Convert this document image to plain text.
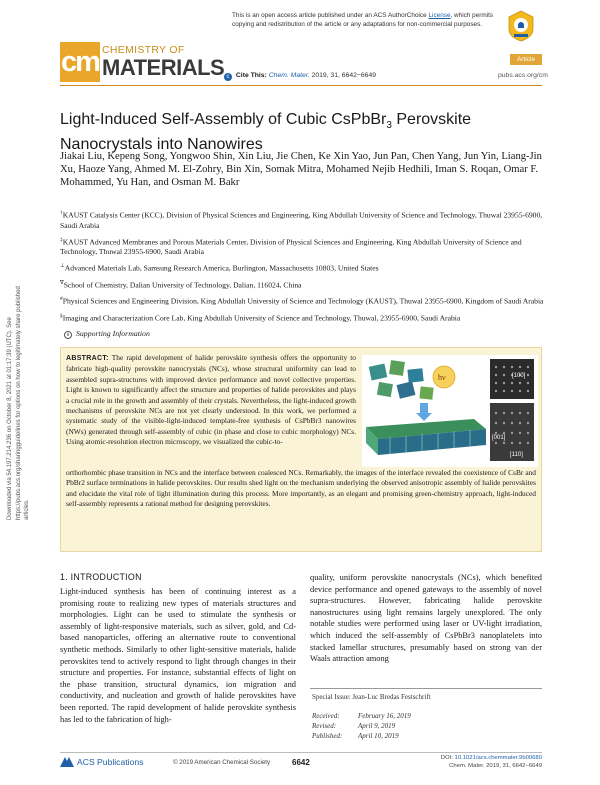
Downloaded via 54.197.214.236 on October 8, 2021 at 01:17:39 (UTC). See https://pubs.acs.org/sharingguidelines for options on how to legitimately share published articles.
This is an open access article published under an ACS AuthorChoice License, which permits
copying and redistribution of the article or any adaptations for non-commercial purposes.
cm CHEMISTRY OF
MATERIALS	Article
c Cite This: Chem. Mater. 2019, 31, 6642−6649	pubs.acs.org/cm
Light-Induced Self-Assembly of Cubic CsPbBr$_3$ Perovskite
Nanocrystals into Nanowires
Jiakai Liu, Kepeng Song, Yongwoo Shin, Xin Liu, Jie Chen, Ke Xin Yao, Jun Pan, Chen Yang, Jun Yin, Liang-Jin Xu, Haoze Yang, Ahmed M. El-Zohry, Bin Xin, Somak Mitra, Mohamed Nejib Hedhili, Iman S. Roqan, Omar F. Mohammed, Yu Han, and Osman M. Bakr
†KAUST Catalysis Center (KCC), Division of Physical Sciences and Engineering, King Abdullah University of Science and Technology, Thuwal 23955-6900, Saudi Arabia
‡KAUST Advanced Membranes and Porous Materials Center, Division of Physical Sciences and Engineering, King Abdullah University of Science and Technology, Thuwal 23955-6900, Saudi Arabia
⊥Advanced Materials Lab, Samsung Research America, Burlington, Massachusetts 10803, United States
∇School of Chemistry, Dalian University of Technology, Dalian, 116024, China
#Physical Sciences and Engineering Division, King Abdullah University of Science and Technology (KAUST), Thuwal 23955-6900, Kingdom of Saudi Arabia
§Imaging and Characterization Core Lab, King Abdullah University of Science and Technology, Thuwal, 23955-6900, Saudi Arabia
s Supporting Information
ABSTRACT: The rapid development of halide perovskite synthesis offers the opportunity to fabricate high-quality perovskite nanocrystals (NCs), whose structural uniformity can lead to assembled supra-structures with improved device performance and novel collective properties. Light is known to significantly affect the structure and properties of halide perovskites and plays a crucial role in the growth and assembly of their crystals. Nevertheless, the light-induced growth mechanisms of perovskite NCs are not yet clearly understood. In this work, we performed a systematic study of the visible-light-induced template-free synthesis of CsPbBr3 nanowires (NWs) generated through self-assembly of cubic (in phase and close to cubic morphology) NCs. Using atomic-resolution electron microscopy, we visualized the cubic-to-
orthorhombic phase transition in NCs and the interface between coalesced NCs. Remarkably, the images of the interface revealed the coexistence of CsBr and PbBr2 surface terminations in halide perovskites. Our results shed light on the mechanism underlying the observed anisotropic assembly of halide perovskites and elucidate the vital role of light illumination during this process. More importantly, as an elegant and promising green-chemistry approach, light-induced self-assembly represents a rational method for designing perovskites.
hν	[100]
[001]
[110]
1. INTRODUCTION
Light-induced synthesis has been of continuing interest as a promising route to realizing new types of materials structures and morphologies. Light can be used to stimulate the synthesis or assembly of light-responsive materials, such as silver, gold, and Cd-based nanoparticles, offering an alternative route to conventional synthetic methods. Similarly to other light-sensitive materials, halide perovskites tend to actively respond to light through changes in their structure and properties. For instance, substantial effects of light on the phase transition, structural dynamics, ion migration and conductivity, and nucleation and growth of halide perovskites have been reported. The rapid development of halide perovskite synthesis has led to the fabrication of high-
quality, uniform perovskite nanocrystals (NCs), which benefited device performance and opened gateways to the assembly of novel supra-structures. However, fabricating halide perovskite nanostructures using light remains largely unexplored. The only notable studies were performed using laser or UV-light irradiation, which induced the self-assembly of CsPbBr3 nanoplatelets into stacked lamellar structures, presumably based on strong van der Waals attraction among
Special Issue: Jean-Luc Bredas Festschrift
Received:	February 16, 2019
Revised:	April 9, 2019
Published: April 10, 2019
ACS Publications	© 2019 American Chemical Society	6642	DOI: 10.1021/acs.chemmater.9b00680
Chem. Mater. 2019, 31, 6642−6649
